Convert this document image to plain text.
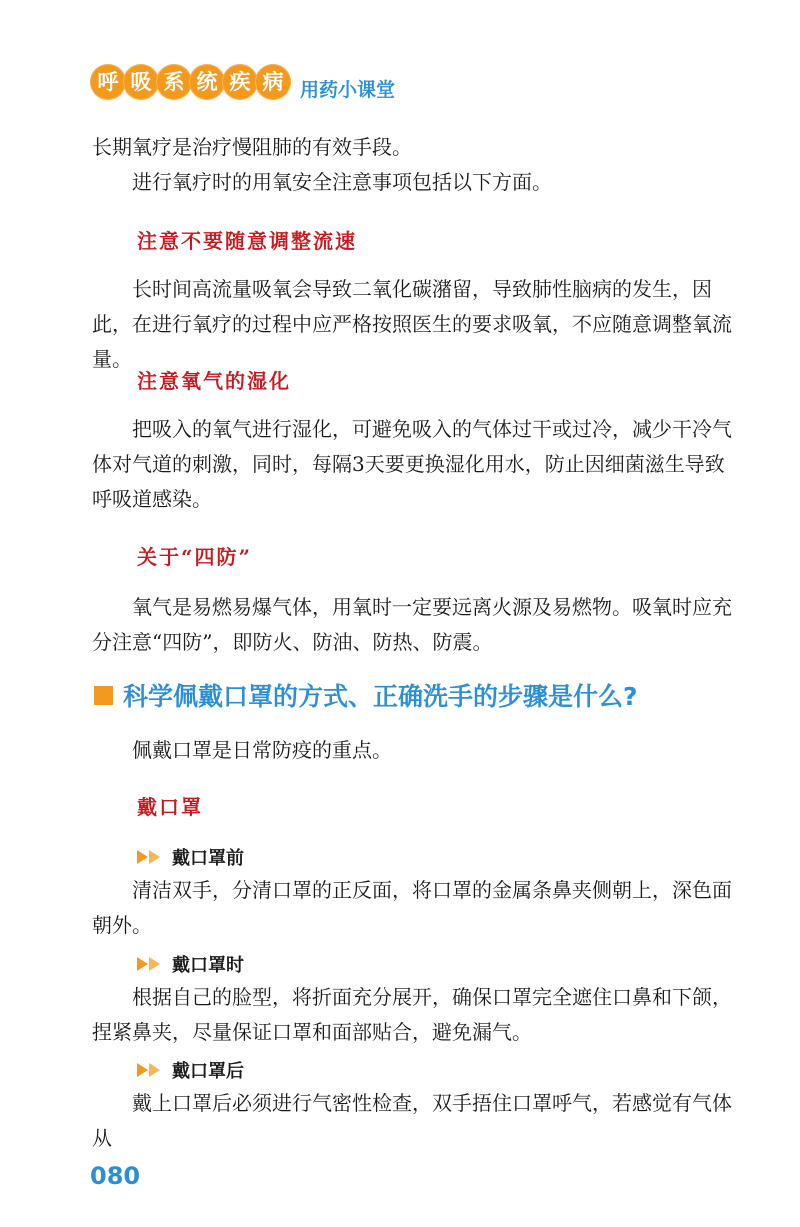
呼 吸 系 统 疾 病 用药小课堂

长期氧疗是治疗慢阻肺的有效手段。

进行氧疗时的用氧安全注意事项包括以下方面。

注意不要随意调整流速

长时间高流量吸氧会导致二氧化碳潴留，导致肺性脑病的发生，因此，在进行氧疗的过程中应严格按照医生的要求吸氧，不应随意调整氧流量。

注意氧气的湿化

把吸入的氧气进行湿化，可避免吸入的气体过干或过冷，减少干冷气体对气道的刺激，同时，每隔3天要更换湿化用水，防止因细菌滋生导致呼吸道感染。

关于“四防”

氧气是易燃易爆气体，用氧时一定要远离火源及易燃物。吸氧时应充分注意“四防”，即防火、防油、防热、防震。

科学佩戴口罩的方式、正确洗手的步骤是什么?

佩戴口罩是日常防疫的重点。

戴口罩
戴口罩前

清洁双手，分清口罩的正反面，将口罩的金属条鼻夹侧朝上，深色面朝外。

戴口罩时

根据自己的脸型，将折面充分展开，确保口罩完全遮住口鼻和下颌，捏紧鼻夹，尽量保证口罩和面部贴合，避免漏气。

戴口罩后

戴上口罩后必须进行气密性检查，双手捂住口罩呼气，若感觉有气体从

080
